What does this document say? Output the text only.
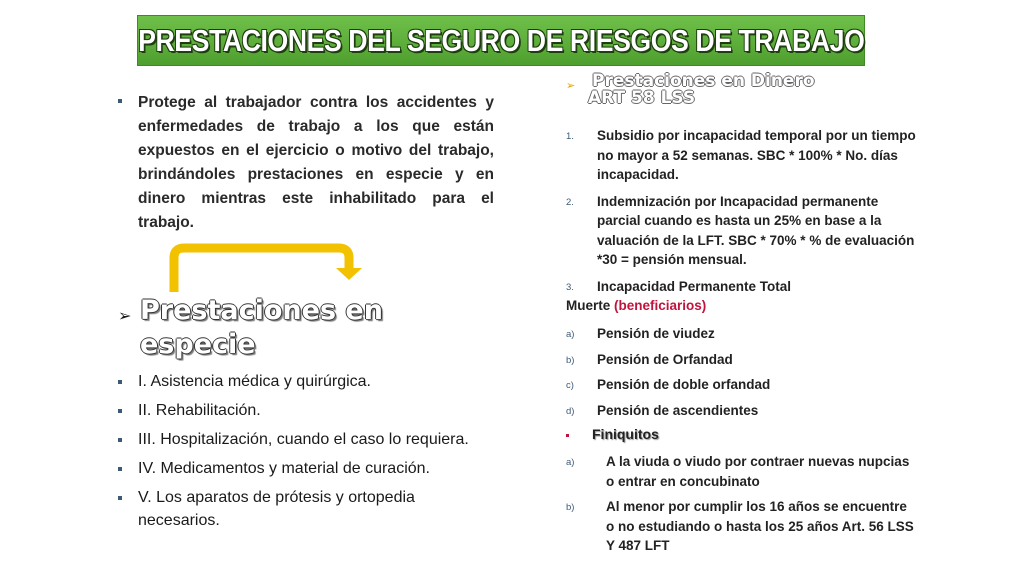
PRESTACIONES DEL SEGURO DE RIESGOS DE TRABAJO
Protege al trabajador contra los accidentes y enfermedades de trabajo a los que están expuestos en el ejercicio o motivo del trabajo, brindándoles prestaciones en especie y en dinero mientras este inhabilitado para el trabajo.
➢ Prestaciones en especie
I. Asistencia médica y quirúrgica.
II. Rehabilitación.
III. Hospitalización, cuando el caso lo requiera.
IV. Medicamentos y material de curación.
V. Los aparatos de prótesis y ortopedia necesarios.
➢ Prestaciones en Dinero
ART 58 LSS
1. Subsidio por incapacidad temporal por un tiempo no mayor a 52 semanas. SBC * 100% * No. días incapacidad.
2. Indemnización por Incapacidad permanente parcial cuando es hasta un 25% en base a la valuación de la LFT. SBC * 70% * % de evaluación *30 = pensión mensual.
3. Incapacidad Permanente Total
Muerte (beneficiarios)
a) Pensión de viudez
b) Pensión de Orfandad
c) Pensión de doble orfandad
d) Pensión de ascendientes
Finiquitos
a) A la viuda o viudo por contraer nuevas nupcias o entrar en concubinato
b) Al menor por cumplir los 16 años se encuentre o no estudiando o hasta los 25 años Art. 56 LSS Y 487 LFT
